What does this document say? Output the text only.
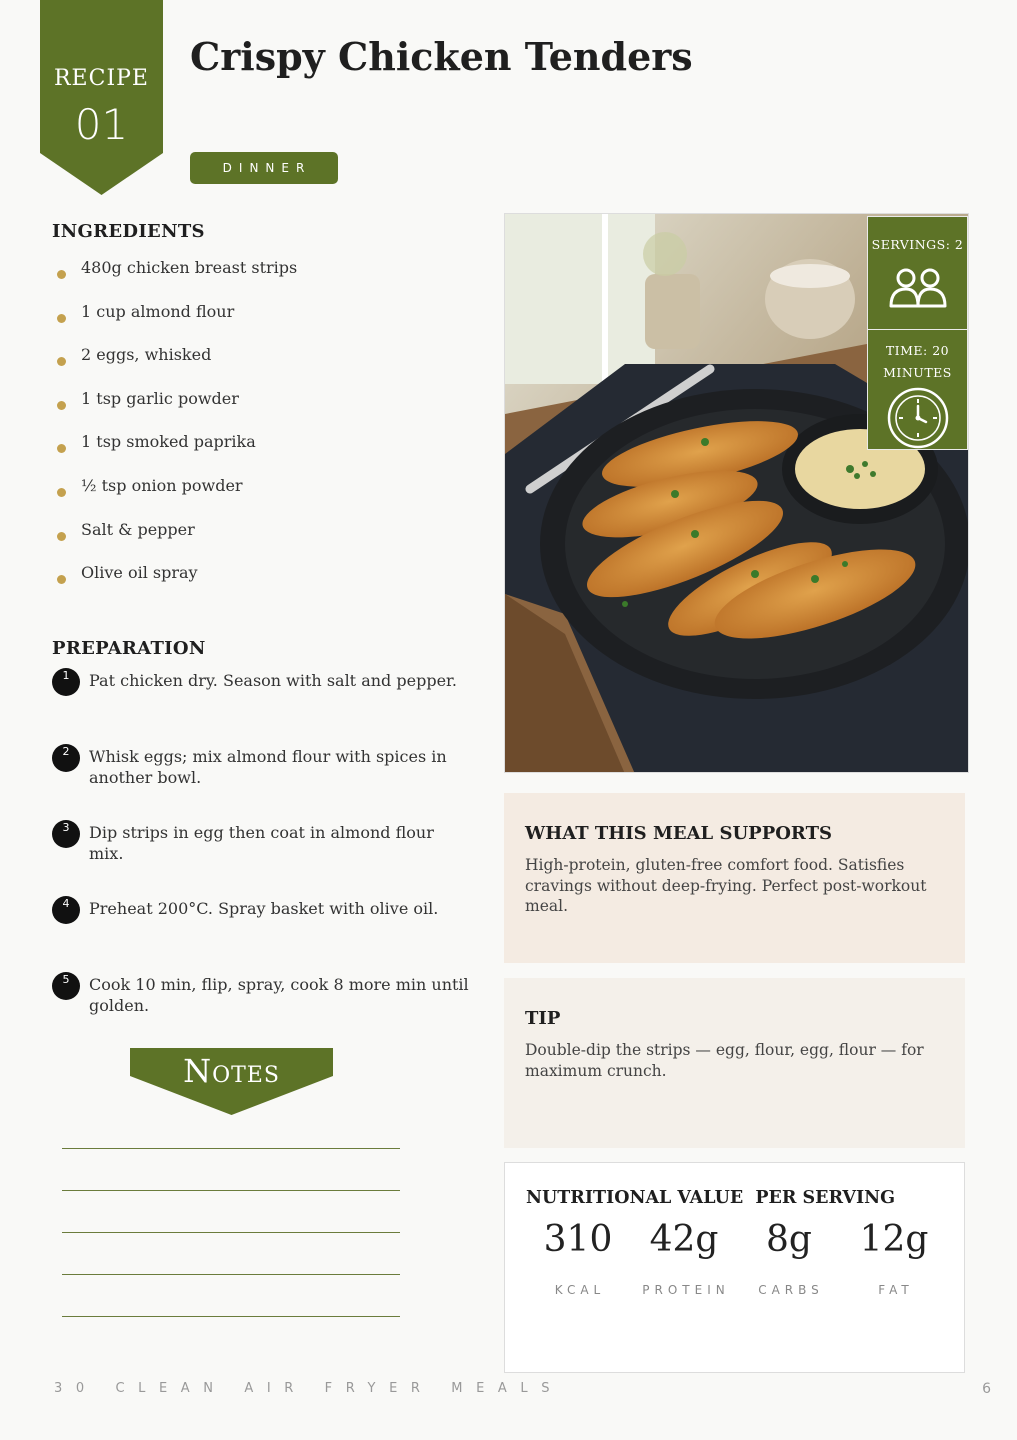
RECIPE
01
Crispy Chicken Tenders
DINNER
INGREDIENTS
480g chicken breast strips
1 cup almond flour
2 eggs, whisked
1 tsp garlic powder
1 tsp smoked paprika
½ tsp onion powder
Salt & pepper
Olive oil spray
PREPARATION
1	Pat chicken dry. Season with salt and pepper.
2	Whisk eggs; mix almond flour with spices in another bowl.
3	Dip strips in egg then coat in almond flour mix.
4	Preheat 200°C. Spray basket with olive oil.
5	Cook 10 min, flip, spray, cook 8 more min until golden.
Notes
SERVINGS: 2
TIME: 20
MINUTES
WHAT THIS MEAL SUPPORTS
High-protein, gluten-free comfort food. Satisfies cravings without deep-frying. Perfect post-workout meal.
TIP
Double-dip the strips — egg, flour, egg, flour — for maximum crunch.
NUTRITIONAL VALUE  PER SERVING
310
KCAL
42g
PROTEIN
8g
CARBS
12g
FAT
30 CLEAN AIR FRYER MEALS	6
